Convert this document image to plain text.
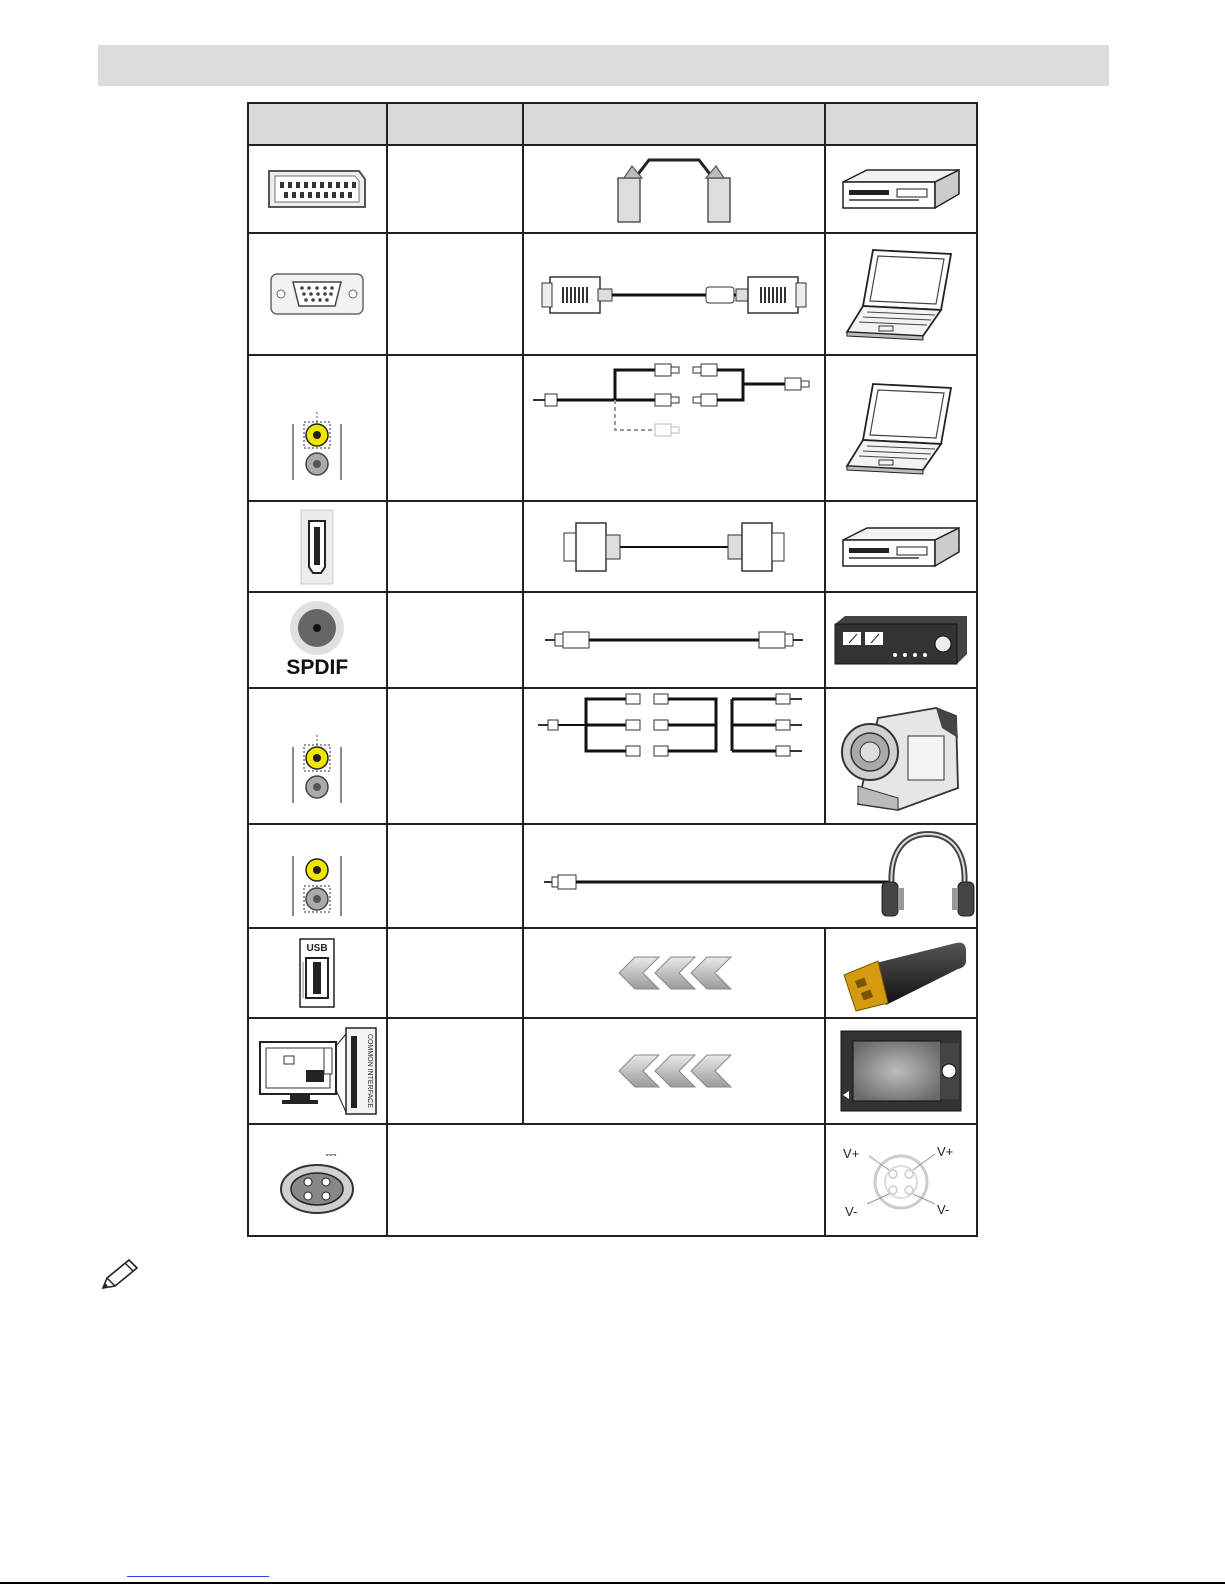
SPDIF

USB

COMMON INTERFACE

⎓			V+ V+
V- V-
